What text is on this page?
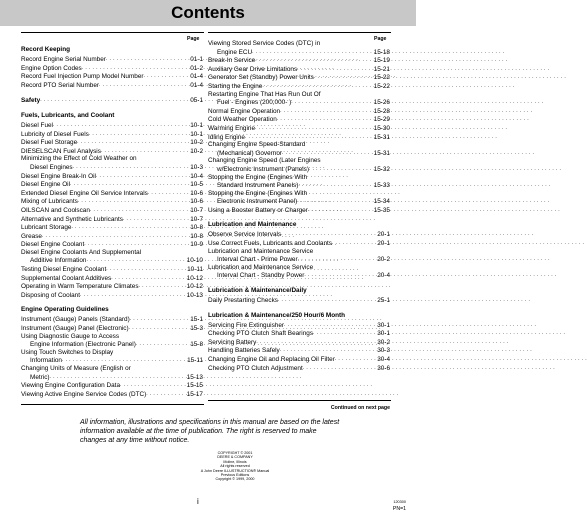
Contents
Page	Page
Record Keeping
Record Engine Serial Number . . .	01-1
Engine Option Codes . . .	01-2
Record Fuel Injection Pump Model Number . . .	01-4
Record PTO Serial Number . . .	01-4
Safety . . .	05-1
Fuels, Lubricants, and Coolant
Diesel Fuel . . .	10-1
Lubricity of Diesel Fuels . . .	10-1
Diesel Fuel Storage . . .	10-2
DIESELSCAN Fuel Analysis . . .	10-2
Minimizing the Effect of Cold Weather on
Diesel Engines . . .	10-3
Diesel Engine Break-In Oil . . .	10-4
Diesel Engine Oil . . .	10-5
Extended Diesel Engine Oil Service Intervals . . .	10-6
Mixing of Lubricants . . .	10-6
OILSCAN and Coolscan . . .	10-7
Alternative and Synthetic Lubricants . . .	10-7
Lubricant Storage . . .	10-8
Grease . . .	10-8
Diesel Engine Coolant . . .	10-9
Diesel Engine Coolants And Supplemental
Additive Information . . .	10-10
Testing Diesel Engine Coolant . . .	10-11
Supplemental Coolant Additives . . .	10-12
Operating in Warm Temperature Climates . . .	10-12
Disposing of Coolant . . .	10-13
Engine Operating Guidelines
Instrument (Gauge) Panels (Standard) . . .	15-1
Instrument (Gauge) Panel (Electronic) . . .	15-3
Using Diagnostic Gauge to Access
Engine Information (Electronic Panel) . . .	15-8
Using Touch Switches to Display
Information . . .	15-11
Changing Units of Measure (English or
Metric) . . .	15-13
Viewing Engine Configuration Data . . .	15-15
Viewing Active Engine Service Codes (DTC) . . .	15-17
Viewing Stored Service Codes (DTC) in
Engine ECU . . .	15-18
Break-In Service . . .	15-19
Auxiliary Gear Drive Limitations . . .	15-21
Generator Set (Standby) Power Units . . .	15-22
Starting the Engine . . .	15-22
Restarting Engine That Has Run Out Of
Fuel - Engines (200,000- ) . . .	15-26
Normal Engine Operation . . .	15-28
Cold Weather Operation . . .	15-29
Warming Engine . . .	15-30
Idling Engine . . .	15-31
Changing Engine Speed-Standard
(Mechanical) Governor . . .	15-31
Changing Engine Speed (Later Engines
w/Electronic Instrument (Panels) . . .	15-32
Stopping the Engine (Engines With
Standard Instrument Panels) . . .	15-33
Stopping the Engine (Engines With
Electronic Instrument Panel) . . .	15-34
Using a Booster Battery or Charger . . .	15-35
Lubrication and Maintenance
Observe Service Intervals . . .	20-1
Use Correct Fuels, Lubricants and Coolants . . .	20-1
Lubrication and Maintenance Service
Interval Chart - Prime Power . . .	20-2
Lubrication and Maintenance Service
Interval Chart - Standby Power . . .	20-4
Lubrication & Maintenance/Daily
Daily Prestarting Checks . . .	25-1
Lubrication & Maintenance/250 Hour/6 Month
Servicing Fire Extinguisher . . .	30-1
Checking PTO Clutch Shaft Bearings . . .	30-1
Servicing Battery . . .	30-2
Handling Batteries Safely . . .	30-3
Changing Engine Oil and Replacing Oil Filter . . .	30-4
Checking PTO Clutch Adjustment . . .	30-6
Continued on next page
All information, illustrations and specifications in this manual are based on the latest information available at the time of publication. The right is reserved to make changes at any time without notice.
COPYRIGHT © 2001
DEERE & COMPANY
Moline, Illinois
All rights reserved
A John Deere ILLUSTRUCTION® Manual
Previous Editions
Copyright © 1999, 2000
i	120300
PN=1
